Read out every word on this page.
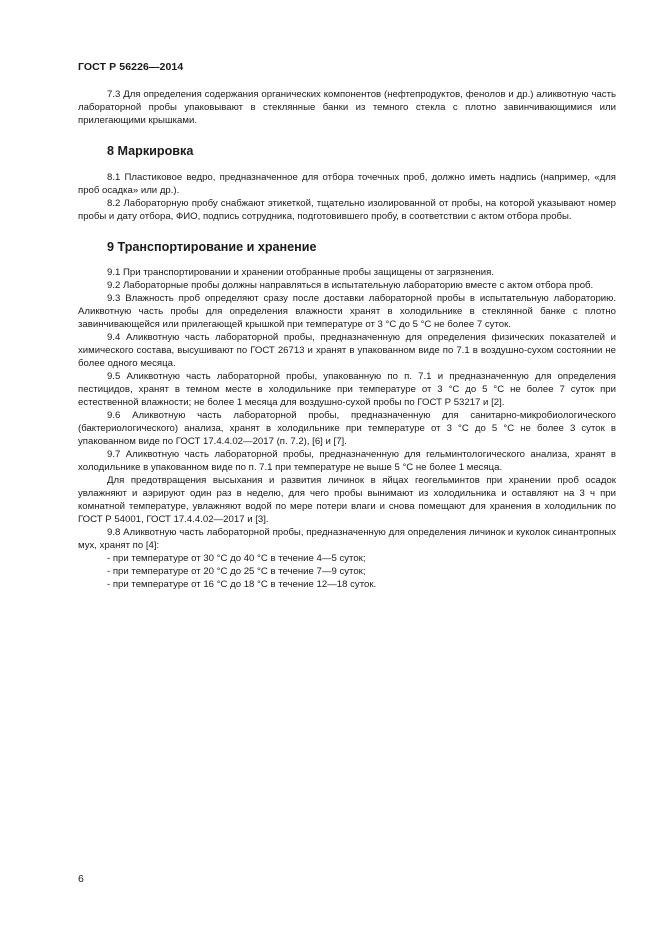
ГОСТ Р 56226—2014

7.3 Для определения содержания органических компонентов (нефтепродуктов, фенолов и др.) аликвотную часть лабораторной пробы упаковывают в стеклянные банки из темного стекла с плотно завинчивающимися или прилегающими крышками.

8 Маркировка

8.1 Пластиковое ведро, предназначенное для отбора точечных проб, должно иметь надпись (например, «для проб осадка» или др.).

8.2 Лабораторную пробу снабжают этикеткой, тщательно изолированной от пробы, на которой указывают номер пробы и дату отбора, ФИО, подпись сотрудника, подготовившего пробу, в соответствии с актом отбора пробы.

9 Транспортирование и хранение

9.1 При транспортировании и хранении отобранные пробы защищены от загрязнения.

9.2 Лабораторные пробы должны направляться в испытательную лабораторию вместе с актом отбора проб.

9.3 Влажность проб определяют сразу после доставки лабораторной пробы в испытательную лабораторию. Аликвотную часть пробы для определения влажности хранят в холодильнике в стеклянной банке с плотно завинчивающейся или прилегающей крышкой при температуре от 3 °С до 5 °С не более 7 суток.

9.4 Аликвотную часть лабораторной пробы, предназначенную для определения физических показателей и химического состава, высушивают по ГОСТ 26713 и хранят в упакованном виде по 7.1 в воздушно-сухом состоянии не более одного месяца.

9.5 Аликвотную часть лабораторной пробы, упакованную по п. 7.1 и предназначенную для определения пестицидов, хранят в темном месте в холодильнике при температуре от 3 °С до 5 °С не более 7 суток при естественной влажности; не более 1 месяца для воздушно-сухой пробы по ГОСТ Р 53217 и [2].

9.6 Аликвотную часть лабораторной пробы, предназначенную для санитарно-микробиологического (бактериологического) анализа, хранят в холодильнике при температуре от 3 °С до 5 °С не более 3 суток в упакованном виде по ГОСТ 17.4.4.02—2017 (п. 7.2), [6] и [7].

9.7 Аликвотную часть лабораторной пробы, предназначенную для гельминтологического анализа, хранят в холодильнике в упакованном виде по п. 7.1 при температуре не выше 5 °С не более 1 месяца.

Для предотвращения высыхания и развития личинок в яйцах геогельминтов при хранении проб осадок увлажняют и аэрируют один раз в неделю, для чего пробы вынимают из холодильника и оставляют на 3 ч при комнатной температуре, увлажняют водой по мере потери влаги и снова помещают для хранения в холодильник по ГОСТ Р 54001, ГОСТ 17.4.4.02—2017 и [3].

9.8 Аликвотную часть лабораторной пробы, предназначенную для определения личинок и куколок синантропных мух, хранят по [4]:

- при температуре от 30 °С до 40 °С в течение 4—5 суток;

- при температуре от 20 °С до 25 °С в течение 7—9 суток;

- при температуре от 16 °С до 18 °С в течение 12—18 суток.

6
